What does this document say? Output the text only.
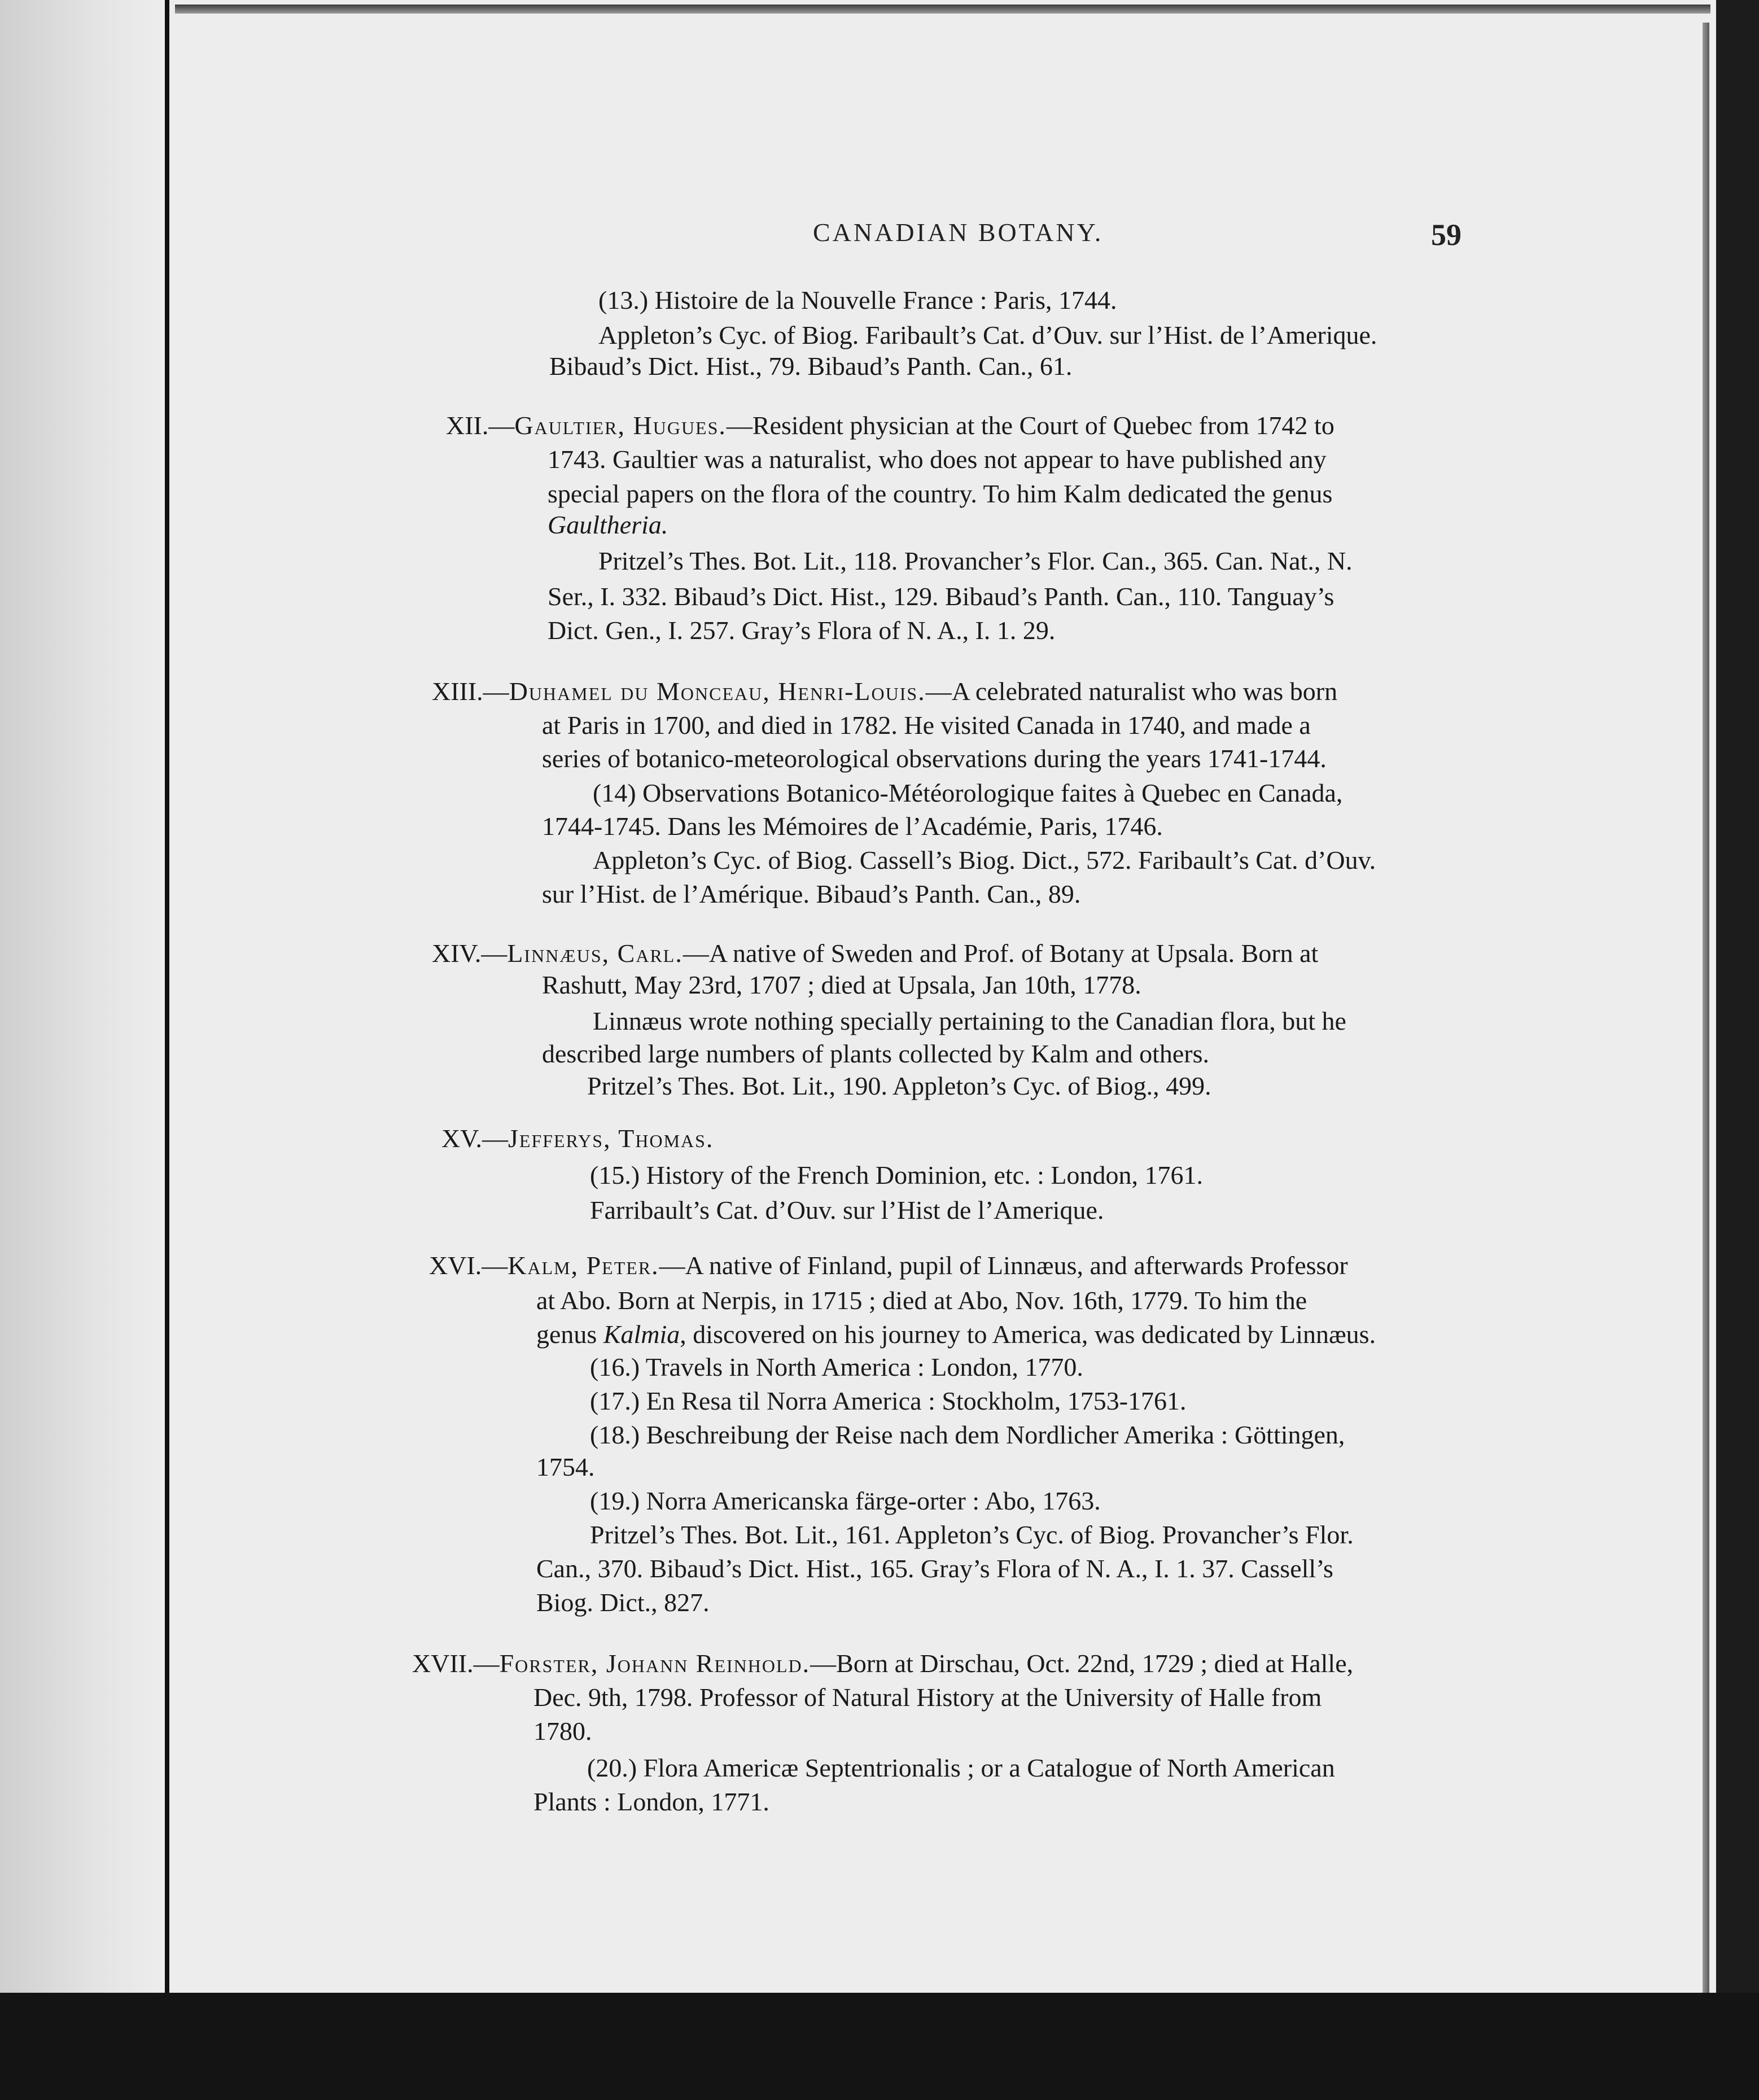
CANADIAN BOTANY.	59
(13.) Histoire de la Nouvelle France : Paris, 1744.
Appleton’s Cyc. of Biog. Faribault’s Cat. d’Ouv. sur l’Hist. de l’Amerique.
Bibaud’s Dict. Hist., 79. Bibaud’s Panth. Can., 61.
XII.—Gaultier, Hugues.—Resident physician at the Court of Quebec from 1742 to
1743. Gaultier was a naturalist, who does not appear to have published any
special papers on the flora of the country. To him Kalm dedicated the genus
Gaultheria.
Pritzel’s Thes. Bot. Lit., 118. Provancher’s Flor. Can., 365. Can. Nat., N.
Ser., I. 332. Bibaud’s Dict. Hist., 129. Bibaud’s Panth. Can., 110. Tanguay’s
Dict. Gen., I. 257. Gray’s Flora of N. A., I. 1. 29.
XIII.—Duhamel du Monceau, Henri-Louis.—A celebrated naturalist who was born
at Paris in 1700, and died in 1782. He visited Canada in 1740, and made a
series of botanico-meteorological observations during the years 1741-1744.
(14) Observations Botanico-Météorologique faites à Quebec en Canada,
1744-1745. Dans les Mémoires de l’Académie, Paris, 1746.
Appleton’s Cyc. of Biog. Cassell’s Biog. Dict., 572. Faribault’s Cat. d’Ouv.
sur l’Hist. de l’Amérique. Bibaud’s Panth. Can., 89.
XIV.—Linnæus, Carl.—A native of Sweden and Prof. of Botany at Upsala. Born at
Rashutt, May 23rd, 1707 ; died at Upsala, Jan 10th, 1778.
Linnæus wrote nothing specially pertaining to the Canadian flora, but he
described large numbers of plants collected by Kalm and others.
Pritzel’s Thes. Bot. Lit., 190. Appleton’s Cyc. of Biog., 499.
XV.—Jefferys, Thomas.
(15.) History of the French Dominion, etc. : London, 1761.
Farribault’s Cat. d’Ouv. sur l’Hist de l’Amerique.
XVI.—Kalm, Peter.—A native of Finland, pupil of Linnæus, and afterwards Professor
at Abo. Born at Nerpis, in 1715 ; died at Abo, Nov. 16th, 1779. To him the
genus Kalmia, discovered on his journey to America, was dedicated by Linnæus.
(16.) Travels in North America : London, 1770.
(17.) En Resa til Norra America : Stockholm, 1753-1761.
(18.) Beschreibung der Reise nach dem Nordlicher Amerika : Göttingen,
1754.
(19.) Norra Americanska färge-orter : Abo, 1763.
Pritzel’s Thes. Bot. Lit., 161. Appleton’s Cyc. of Biog. Provancher’s Flor.
Can., 370. Bibaud’s Dict. Hist., 165. Gray’s Flora of N. A., I. 1. 37. Cassell’s
Biog. Dict., 827.
XVII.—Forster, Johann Reinhold.—Born at Dirschau, Oct. 22nd, 1729 ; died at Halle,
Dec. 9th, 1798. Professor of Natural History at the University of Halle from
1780.
(20.) Flora Americæ Septentrionalis ; or a Catalogue of North American
Plants : London, 1771.
